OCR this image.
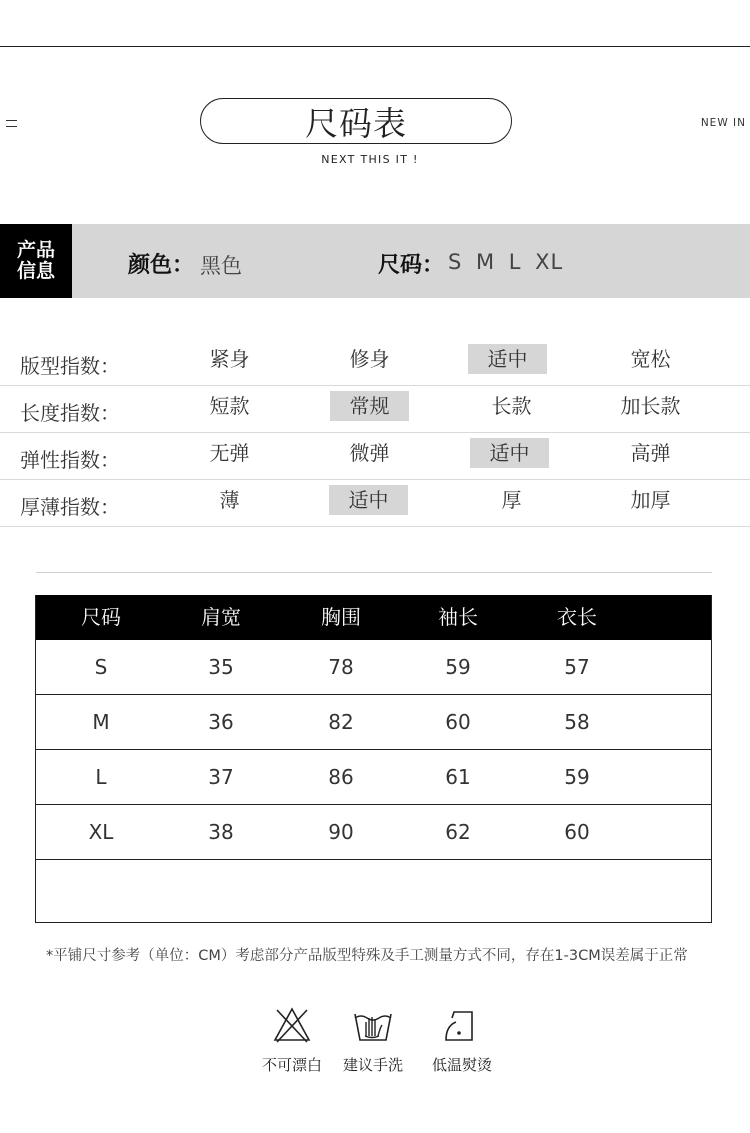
尺码表
NEXT THIS IT !
NEW IN
产品
信息	颜色： 黑色	尺码： S M L XL
版型指数：	紧身	修身	适中	宽松
长度指数：	短款	常规	长款	加长款
弹性指数：	无弹	微弹	适中	高弹
厚薄指数：	薄	适中	厚	加厚
尺码	肩宽	胸围	袖长	衣长
S	35	78	59	57
M	36	82	60	58
L	37	86	61	59
XL	38	90	62	60
*平铺尺寸参考（单位：CM）考虑部分产品版型特殊及手工测量方式不同，存在1-3CM误差属于正常
不可漂白	建议手洗	低温熨烫
